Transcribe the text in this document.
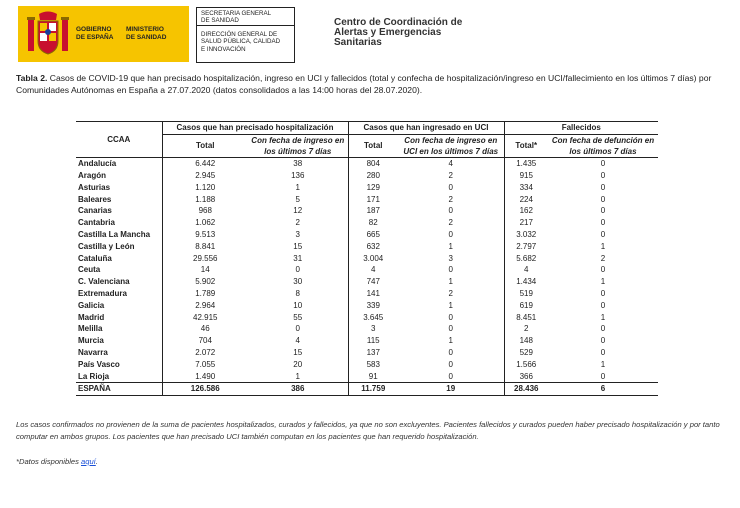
GOBIERNO
DE ESPAÑA
MINISTERIO
DE SANIDAD
SECRETARIA GENERAL
DE SANIDAD
DIRECCIÓN GENERAL DE
SALUD PÚBLICA, CALIDAD
E INNOVACIÓN
Centro de Coordinación de
Alertas y Emergencias
Sanitarias
Tabla 2. Casos de COVID-19 que han precisado hospitalización, ingreso en UCI y fallecidos (total y confecha de hospitalización/ingreso en UCI/fallecimiento en los últimos 7 días) por Comunidades Autónomas en España a 27.07.2020 (datos consolidados a las 14:00 horas del 28.07.2020).
	Casos que han precisado hospitalización		Casos que han ingresado en UCI		Fallecidos	
CCAA	Total	Con fecha de ingreso en los últimos 7 días	Total	Con fecha de ingreso en UCI en los últimos 7 días	Total*	Con fecha de defunción en los últimos 7 días
Andalucía	6.442	38	804	4	1.435	0
Aragón	2.945	136	280	2	915	0
Asturias	1.120	1	129	0	334	0
Baleares	1.188	5	171	2	224	0
Canarias	968	12	187	0	162	0
Cantabria	1.062	2	82	2	217	0
Castilla La Mancha	9.513	3	665	0	3.032	0
Castilla y León	8.841	15	632	1	2.797	1
Cataluña	29.556	31	3.004	3	5.682	2
Ceuta	14	0	4	0	4	0
C. Valenciana	5.902	30	747	1	1.434	1
Extremadura	1.789	8	141	2	519	0
Galicia	2.964	10	339	1	619	0
Madrid	42.915	55	3.645	0	8.451	1
Melilla	46	0	3	0	2	0
Murcia	704	4	115	1	148	0
Navarra	2.072	15	137	0	529	0
País Vasco	7.055	20	583	0	1.566	1
La Rioja	1.490	1	91	0	366	0
ESPAÑA	126.586	386	11.759	19	28.436	6
Los casos confirmados no provienen de la suma de pacientes hospitalizados, curados y fallecidos, ya que no son excluyentes. Pacientes fallecidos y curados pueden haber precisado hospitalización y por tanto computar en ambos grupos. Los pacientes que han precisado UCI también computan en los pacientes que han requerido hospitalización.
*Datos disponibles aquí.
